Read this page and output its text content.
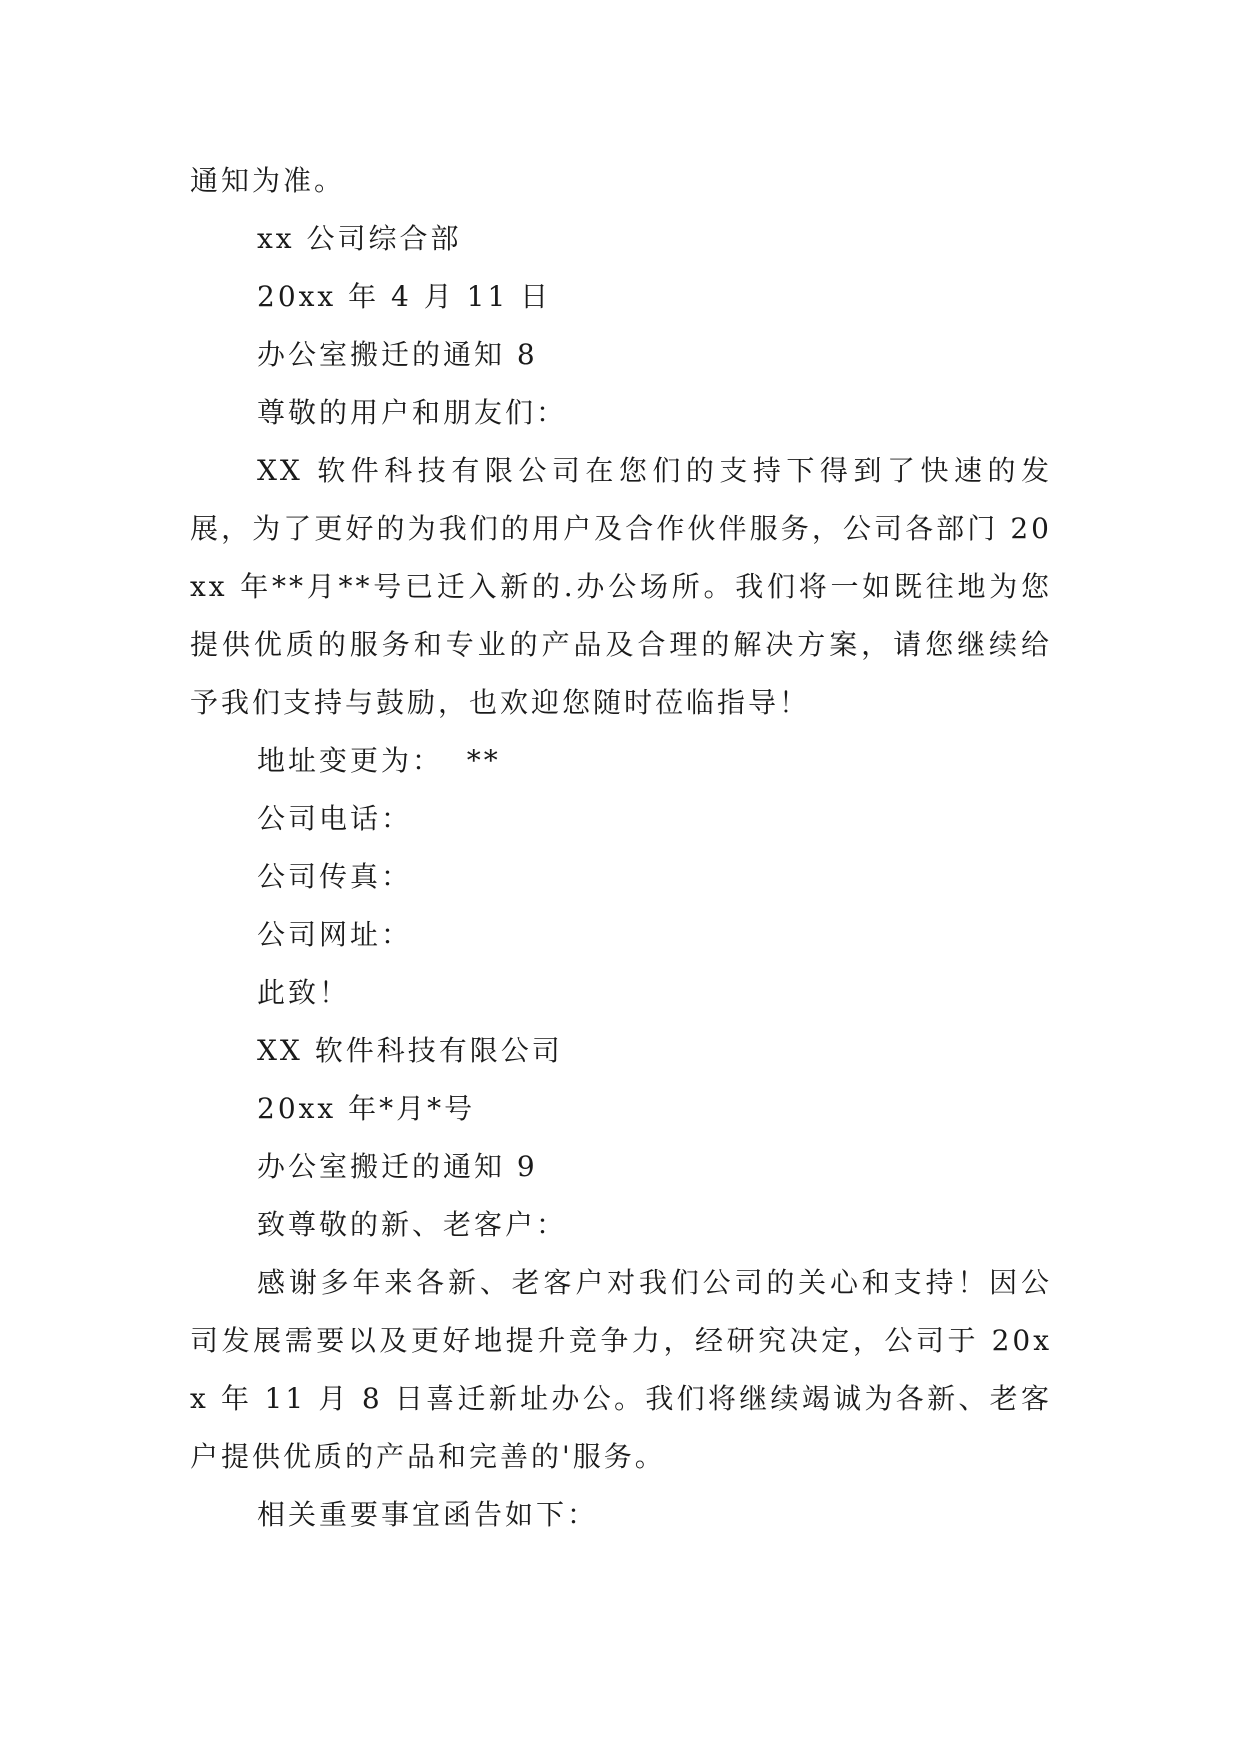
通知为准。

xx 公司综合部

20xx 年 4 月 11 日

办公室搬迁的通知 8

尊敬的用户和朋友们：

XX 软件科技有限公司在您们的支持下得到了快速的发展，为了更好的为我们的用户及合作伙伴服务，公司各部门 20xx 年**月**号已迁入新的.办公场所。我们将一如既往地为您提供优质的服务和专业的产品及合理的解决方案，请您继续给予我们支持与鼓励，也欢迎您随时莅临指导！

地址变更为：  **

公司电话：

公司传真：

公司网址：

此致！

XX 软件科技有限公司

20xx 年*月*号

办公室搬迁的通知 9

致尊敬的新、老客户：

感谢多年来各新、老客户对我们公司的关心和支持！因公司发展需要以及更好地提升竞争力，经研究决定，公司于 20xx 年 11 月 8 日喜迁新址办公。我们将继续竭诚为各新、老客户提供优质的产品和完善的'服务。

相关重要事宜函告如下：
